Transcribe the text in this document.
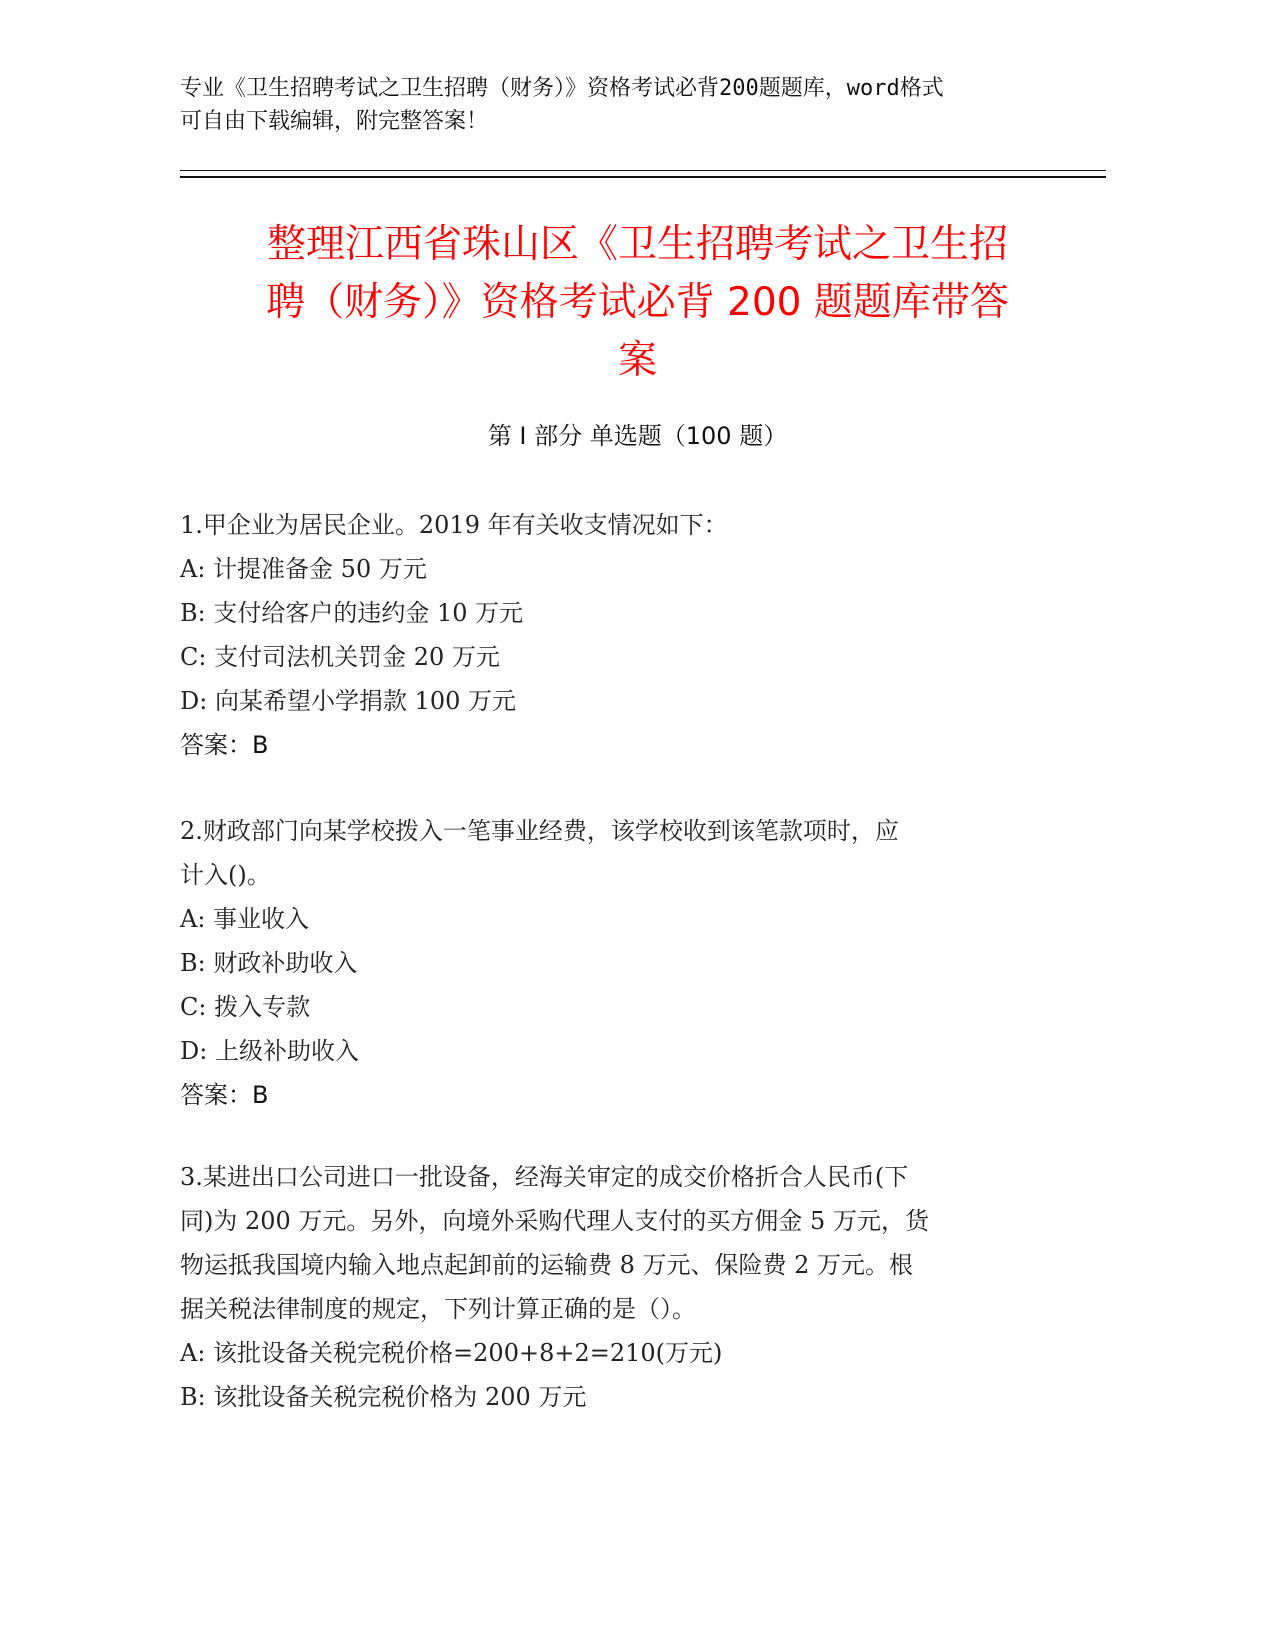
专业《卫生招聘考试之卫生招聘（财务）》资格考试必背200题题库，word格式
可自由下载编辑，附完整答案！
整理江西省珠山区《卫生招聘考试之卫生招
聘（财务）》资格考试必背 200 题题库带答
案
第 I 部分 单选题（100 题）
1.甲企业为居民企业。2019 年有关收支情况如下：
A: 计提准备金 50 万元
B: 支付给客户的违约金 10 万元
C: 支付司法机关罚金 20 万元
D: 向某希望小学捐款 100 万元
答案：B
2.财政部门向某学校拨入一笔事业经费，该学校收到该笔款项时，应
计入()。
A: 事业收入
B: 财政补助收入
C: 拨入专款
D: 上级补助收入
答案：B
3.某进出口公司进口一批设备，经海关审定的成交价格折合人民币(下
同)为 200 万元。另外，向境外采购代理人支付的买方佣金 5 万元，货
物运抵我国境内输入地点起卸前的运输费 8 万元、保险费 2 万元。根
据关税法律制度的规定，下列计算正确的是（）。
A: 该批设备关税完税价格=200+8+2=210(万元)
B: 该批设备关税完税价格为 200 万元
